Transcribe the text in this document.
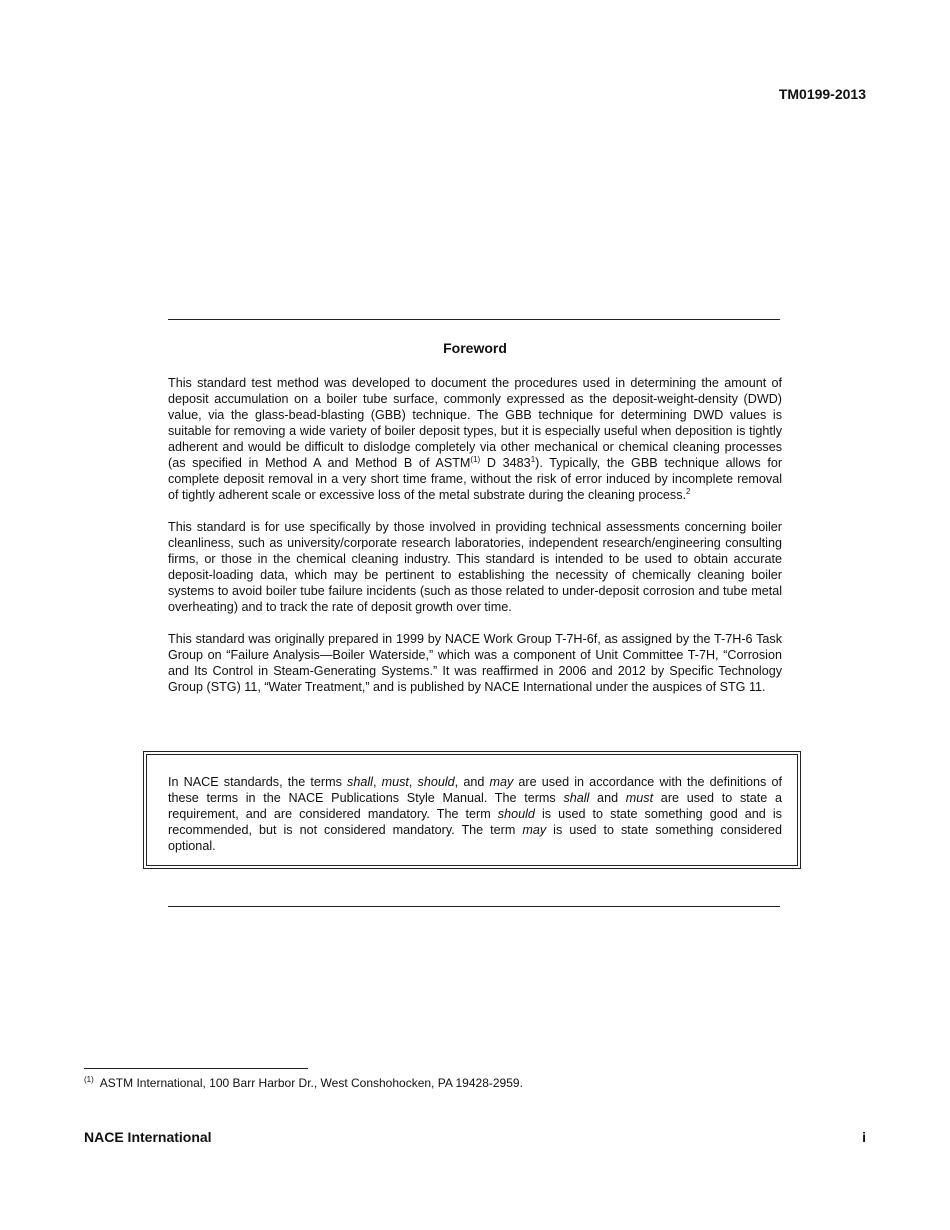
TM0199-2013
Foreword

This standard test method was developed to document the procedures used in determining the amount of deposit accumulation on a boiler tube surface, commonly expressed as the deposit-weight-density (DWD) value, via the glass-bead-blasting (GBB) technique. The GBB technique for determining DWD values is suitable for removing a wide variety of boiler deposit types, but it is especially useful when deposition is tightly adherent and would be difficult to dislodge completely via other mechanical or chemical cleaning processes (as specified in Method A and Method B of ASTM$^{(1)}$ D 3483$^1$). Typically, the GBB technique allows for complete deposit removal in a very short time frame, without the risk of error induced by incomplete removal of tightly adherent scale or excessive loss of the metal substrate during the cleaning process.$^2$

This standard is for use specifically by those involved in providing technical assessments concerning boiler cleanliness, such as university/corporate research laboratories, independent research/engineering consulting firms, or those in the chemical cleaning industry. This standard is intended to be used to obtain accurate deposit-loading data, which may be pertinent to establishing the necessity of chemically cleaning boiler systems to avoid boiler tube failure incidents (such as those related to under-deposit corrosion and tube metal overheating) and to track the rate of deposit growth over time.

This standard was originally prepared in 1999 by NACE Work Group T-7H-6f, as assigned by the T-7H-6 Task Group on “Failure Analysis—Boiler Waterside,” which was a component of Unit Committee T-7H, “Corrosion and Its Control in Steam-Generating Systems.” It was reaffirmed in 2006 and 2012 by Specific Technology Group (STG) 11, “Water Treatment,” and is published by NACE International under the auspices of STG 11.

In NACE standards, the terms shall, must, should, and may are used in accordance with the definitions of these terms in the NACE Publications Style Manual. The terms shall and must are used to state a requirement, and are considered mandatory. The term should is used to state something good and is recommended, but is not considered mandatory. The term may is used to state something considered optional.

$^{(1)}$ ASTM International, 100 Barr Harbor Dr., West Conshohocken, PA 19428-2959.
NACE International	i
